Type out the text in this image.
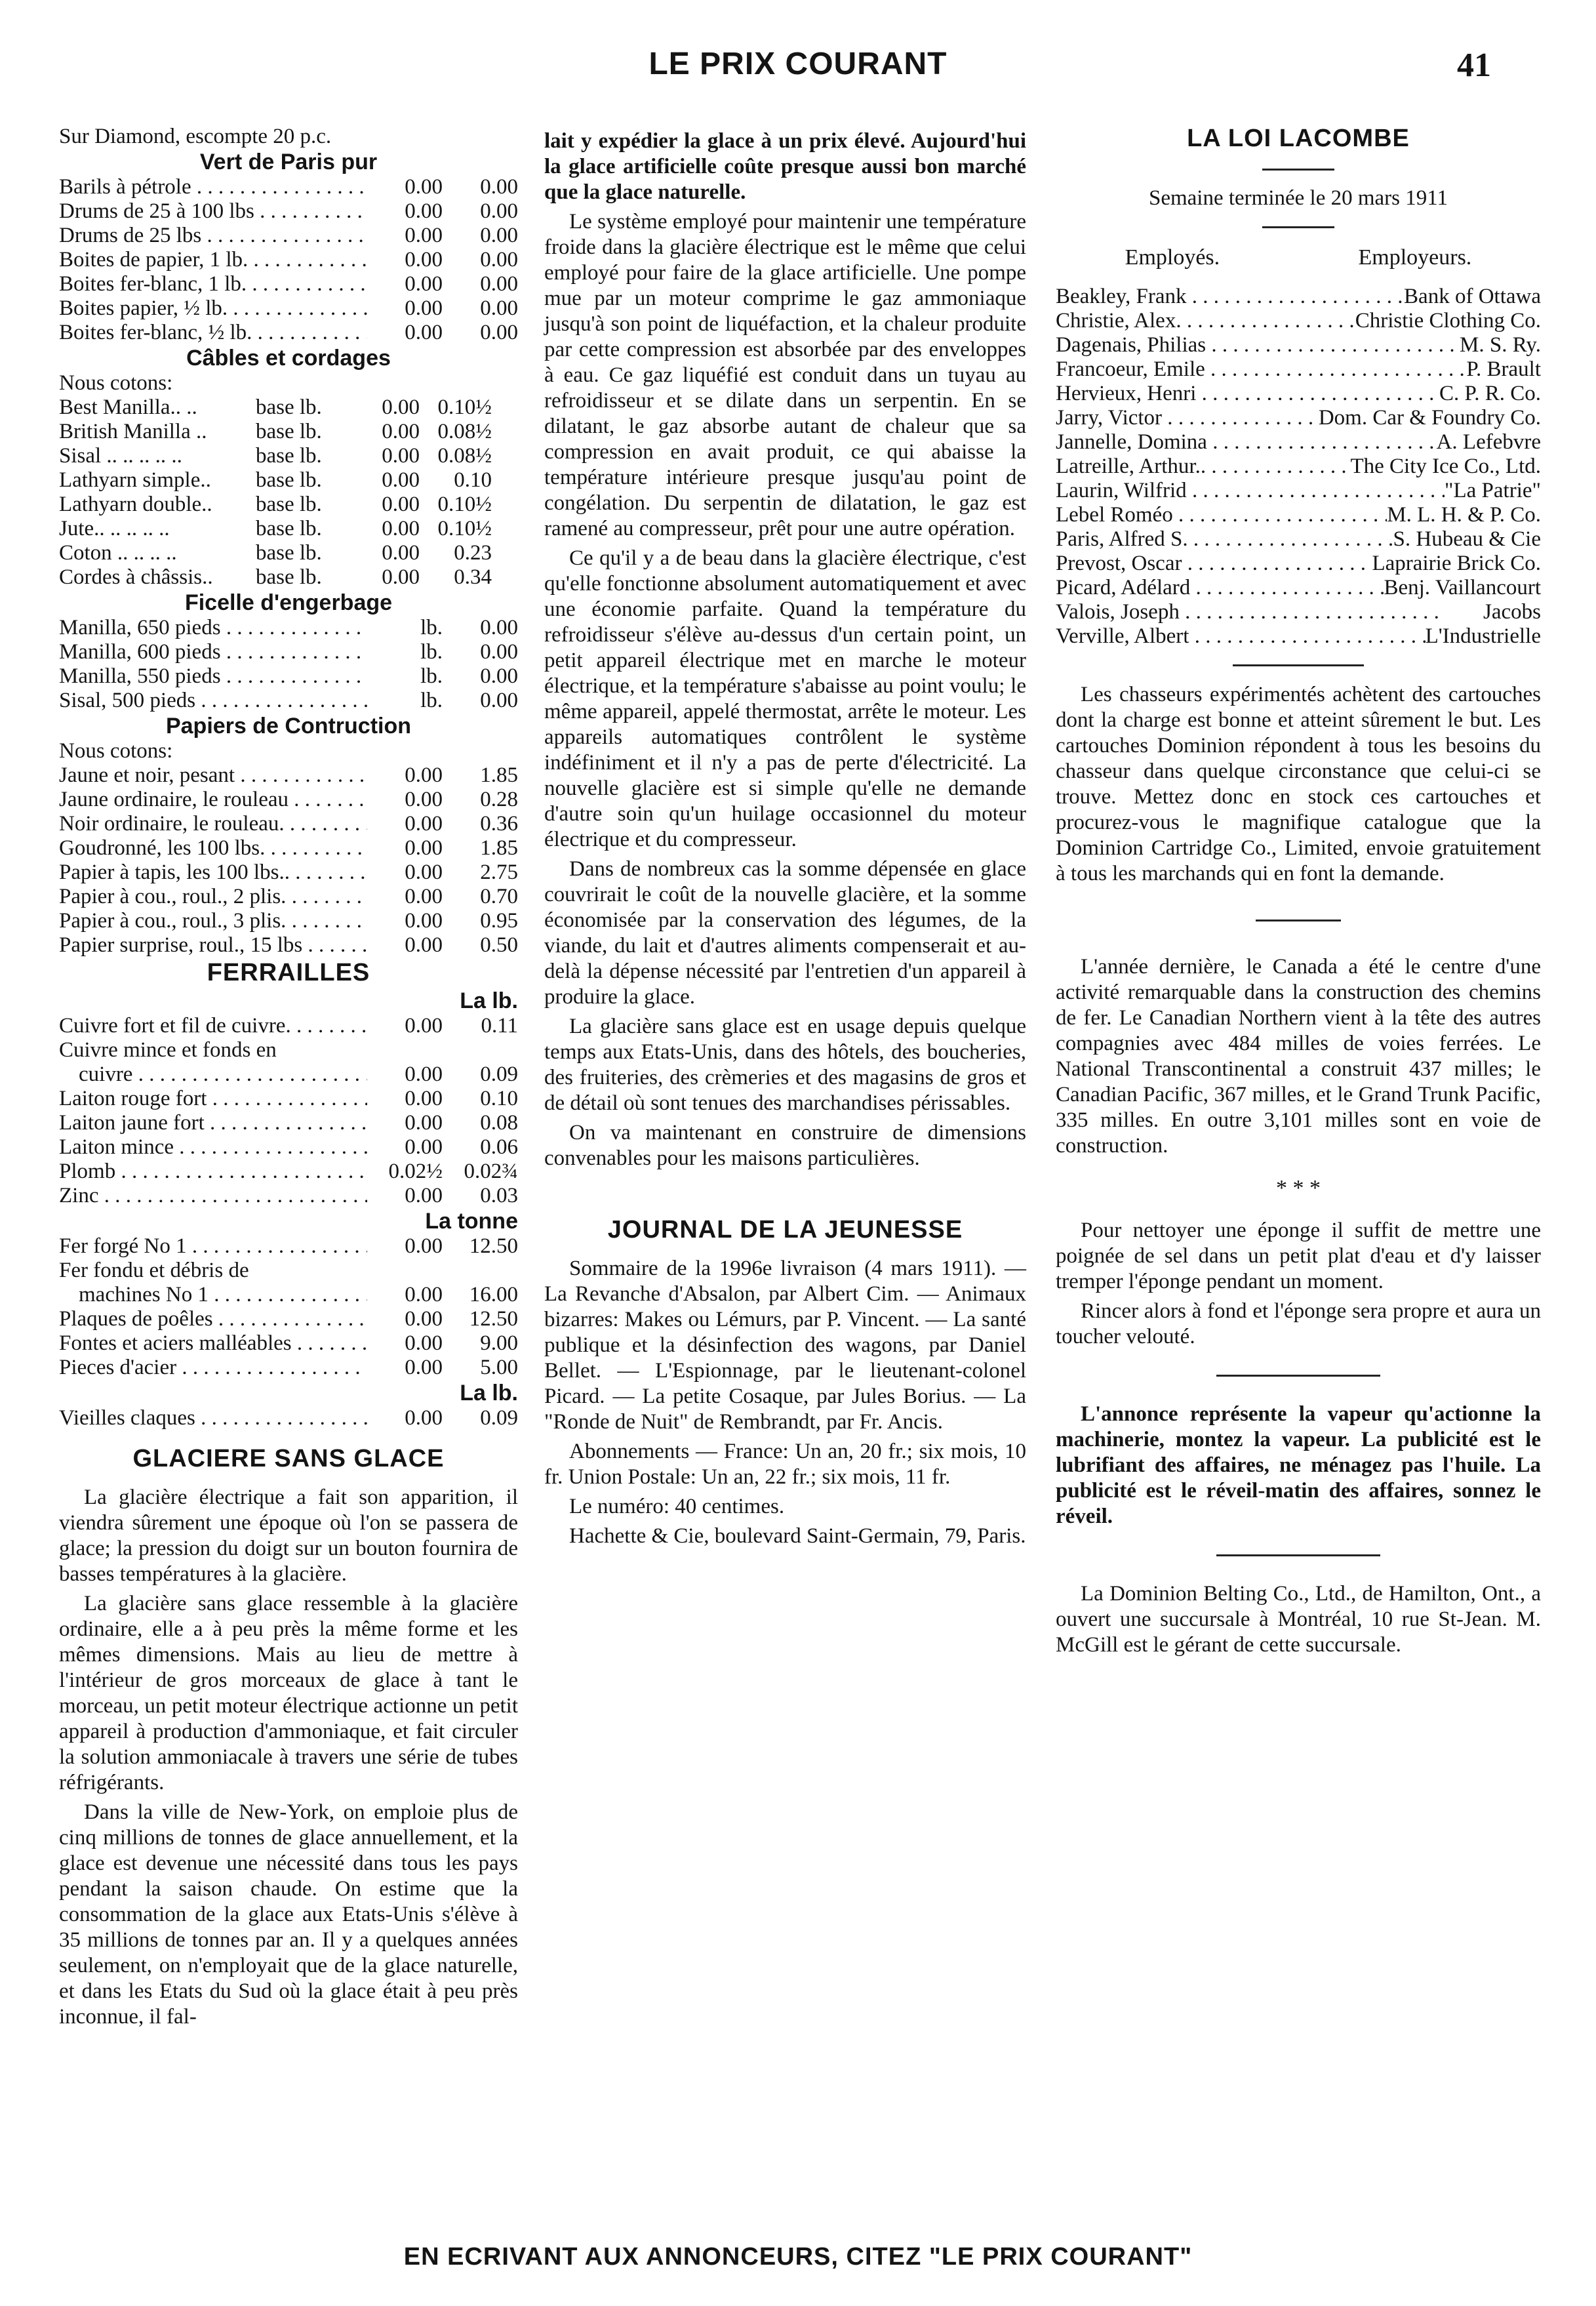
LE PRIX COURANT	41
Sur Diamond, escompte 20 p.c.
Vert de Paris pur
Barils à pétrole . . .	0.00	0.00
Drums de 25 à 100 lbs . . .	0.00	0.00
Drums de 25 lbs . . .	0.00	0.00
Boites de papier, 1 lb. . . .	0.00	0.00
Boites fer-blanc, 1 lb. . . .	0.00	0.00
Boites papier, ½ lb. . . .	0.00	0.00
Boites fer-blanc, ½ lb. . . .	0.00	0.00
Câbles et cordages
Nous cotons:
Best Manilla.. ..	base lb.	0.00 0.10½
British Manilla ..	base lb.	0.00 0.08½
Sisal .. .. .. .. ..	base lb.	0.00 0.08½
Lathyarn simple..	base lb.	0.00	0.10
Lathyarn double..	base lb.	0.00 0.10½
Jute.. .. .. .. ..	base lb.	0.00 0.10½
Coton .. .. .. ..	base lb.	0.00	0.23
Cordes à châssis..	base lb.	0.00	0.34
Ficelle d'engerbage
Manilla, 650 pieds . . .	lb.	0.00
Manilla, 600 pieds . . .	lb.	0.00
Manilla, 550 pieds . . .	lb.	0.00
Sisal, 500 pieds . . .	lb.	0.00
Papiers de Contruction
Nous cotons:
Jaune et noir, pesant . . .	0.00	1.85
Jaune ordinaire, le rouleau . . .	0.00	0.28
Noir ordinaire, le rouleau. . . .	0.00	0.36
Goudronné, les 100 lbs. . . .	0.00	1.85
Papier à tapis, les 100 lbs.. . . .	0.00	2.75
Papier à cou., roul., 2 plis. . . .	0.00	0.70
Papier à cou., roul., 3 plis. . . .	0.00	0.95
Papier surprise, roul., 15 lbs . . .	0.00	0.50
FERRAILLES
La lb.
Cuivre fort et fil de cuivre. . . .	0.00	0.11
Cuivre mince et fonds en
cuivre . . .	0.00	0.09
Laiton rouge fort . . .	0.00	0.10
Laiton jaune fort . . .	0.00	0.08
Laiton mince . . .	0.00	0.06
Plomb . . .	0.02½ 0.02¾
Zinc . . .	0.00	0.03
La tonne
Fer forgé No 1 . . .	0.00	12.50
Fer fondu et débris de
machines No 1 . . .	0.00	16.00
Plaques de poêles . . .	0.00	12.50
Fontes et aciers malléables . . .	0.00	9.00
Pieces d'acier . . .	0.00	5.00
La lb.
Vieilles claques . . .	0.00	0.09
GLACIERE SANS GLACE
La glacière électrique a fait son apparition, il viendra sûrement une époque où l'on se passera de glace; la pression du doigt sur un bouton fournira de basses températures à la glacière.
La glacière sans glace ressemble à la glacière ordinaire, elle a à peu près la même forme et les mêmes dimensions. Mais au lieu de mettre à l'intérieur de gros morceaux de glace à tant le morceau, un petit moteur électrique actionne un petit appareil à production d'ammoniaque, et fait circuler la solution ammoniacale à travers une série de tubes réfrigérants.
Dans la ville de New-York, on emploie plus de cinq millions de tonnes de glace annuellement, et la glace est devenue une nécessité dans tous les pays pendant la saison chaude. On estime que la consommation de la glace aux Etats-Unis s'élève à 35 millions de tonnes par an. Il y a quelques années seulement, on n'employait que de la glace naturelle, et dans les Etats du Sud où la glace était à peu près inconnue, il fal-
lait y expédier la glace à un prix élevé. Aujourd'hui la glace artificielle coûte presque aussi bon marché que la glace naturelle.
Le système employé pour maintenir une température froide dans la glacière électrique est le même que celui employé pour faire de la glace artificielle. Une pompe mue par un moteur comprime le gaz ammoniaque jusqu'à son point de liquéfaction, et la chaleur produite par cette compression est absorbée par des enveloppes à eau. Ce gaz liquéfié est conduit dans un tuyau au refroidisseur et se dilate dans un serpentin. En se dilatant, le gaz absorbe autant de chaleur que sa compression en avait produit, ce qui abaisse la température intérieure presque jusqu'au point de congélation. Du serpentin de dilatation, le gaz est ramené au compresseur, prêt pour une autre opération.
Ce qu'il y a de beau dans la glacière électrique, c'est qu'elle fonctionne absolument automatiquement et avec une économie parfaite. Quand la température du refroidisseur s'élève au-dessus d'un certain point, un petit appareil électrique met en marche le moteur électrique, et la température s'abaisse au point voulu; le même appareil, appelé thermostat, arrête le moteur. Les appareils automatiques contrôlent le système indéfiniment et il n'y a pas de perte d'électricité. La nouvelle glacière est si simple qu'elle ne demande d'autre soin qu'un huilage occasionnel du moteur électrique et du compresseur.
Dans de nombreux cas la somme dépensée en glace couvrirait le coût de la nouvelle glacière, et la somme économisée par la conservation des légumes, de la viande, du lait et d'autres aliments compenserait et au-delà la dépense nécessité par l'entretien d'un appareil à produire la glace.
La glacière sans glace est en usage depuis quelque temps aux Etats-Unis, dans des hôtels, des boucheries, des fruiteries, des crèmeries et des magasins de gros et de détail où sont tenues des marchandises périssables.
On va maintenant en construire de dimensions convenables pour les maisons particulières.
JOURNAL DE LA JEUNESSE
Sommaire de la 1996e livraison (4 mars 1911). — La Revanche d'Absalon, par Albert Cim. — Animaux bizarres: Makes ou Lémurs, par P. Vincent. — La santé publique et la désinfection des wagons, par Daniel Bellet. — L'Espionnage, par le lieutenant-colonel Picard. — La petite Cosaque, par Jules Borius. — La "Ronde de Nuit" de Rembrandt, par Fr. Ancis.
Abonnements — France: Un an, 20 fr.; six mois, 10 fr. Union Postale: Un an, 22 fr.; six mois, 11 fr.
Le numéro: 40 centimes.
Hachette & Cie, boulevard Saint-Germain, 79, Paris.
LA LOI LACOMBE
Semaine terminée le 20 mars 1911
Employés.	Employeurs.
Beakley, Frank . . .	Bank of Ottawa
Christie, Alex. . . .	Christie Clothing Co.
Dagenais, Philias . . .	M. S. Ry.
Francoeur, Emile . . .	P. Brault
Hervieux, Henri . . .	C. P. R. Co.
Jarry, Victor . . . .	Dom. Car & Foundry Co.
Jannelle, Domina . . .	A. Lefebvre
Latreille, Arthur.. . . .	The City Ice Co., Ltd.
Laurin, Wilfrid . . .	"La Patrie"
Lebel Roméo . . .	M. L. H. & P. Co.
Paris, Alfred S. . . .	S. Hubeau & Cie
Prevost, Oscar . . .	Laprairie Brick Co.
Picard, Adélard . . .	Benj. Vaillancourt
Valois, Joseph . . .	Jacobs
Verville, Albert . . .	L'Industrielle
Les chasseurs expérimentés achètent des cartouches dont la charge est bonne et atteint sûrement le but. Les cartouches Dominion répondent à tous les besoins du chasseur dans quelque circonstance que celui-ci se trouve. Mettez donc en stock ces cartouches et procurez-vous le magnifique catalogue que la Dominion Cartridge Co., Limited, envoie gratuitement à tous les marchands qui en font la demande.
L'année dernière, le Canada a été le centre d'une activité remarquable dans la construction des chemins de fer. Le Canadian Northern vient à la tête des autres compagnies avec 484 milles de voies ferrées. Le National Transcontinental a construit 437 milles; le Canadian Pacific, 367 milles, et le Grand Trunk Pacific, 335 milles. En outre 3,101 milles sont en voie de construction.
* * *
Pour nettoyer une éponge il suffit de mettre une poignée de sel dans un petit plat d'eau et d'y laisser tremper l'éponge pendant un moment.
Rincer alors à fond et l'éponge sera propre et aura un toucher velouté.
L'annonce représente la vapeur qu'actionne la machinerie, montez la vapeur. La publicité est le lubrifiant des affaires, ne ménagez pas l'huile. La publicité est le réveil-matin des affaires, sonnez le réveil.
La Dominion Belting Co., Ltd., de Hamilton, Ont., a ouvert une succursale à Montréal, 10 rue St-Jean. M. McGill est le gérant de cette succursale.
EN ECRIVANT AUX ANNONCEURS, CITEZ "LE PRIX COURANT"
